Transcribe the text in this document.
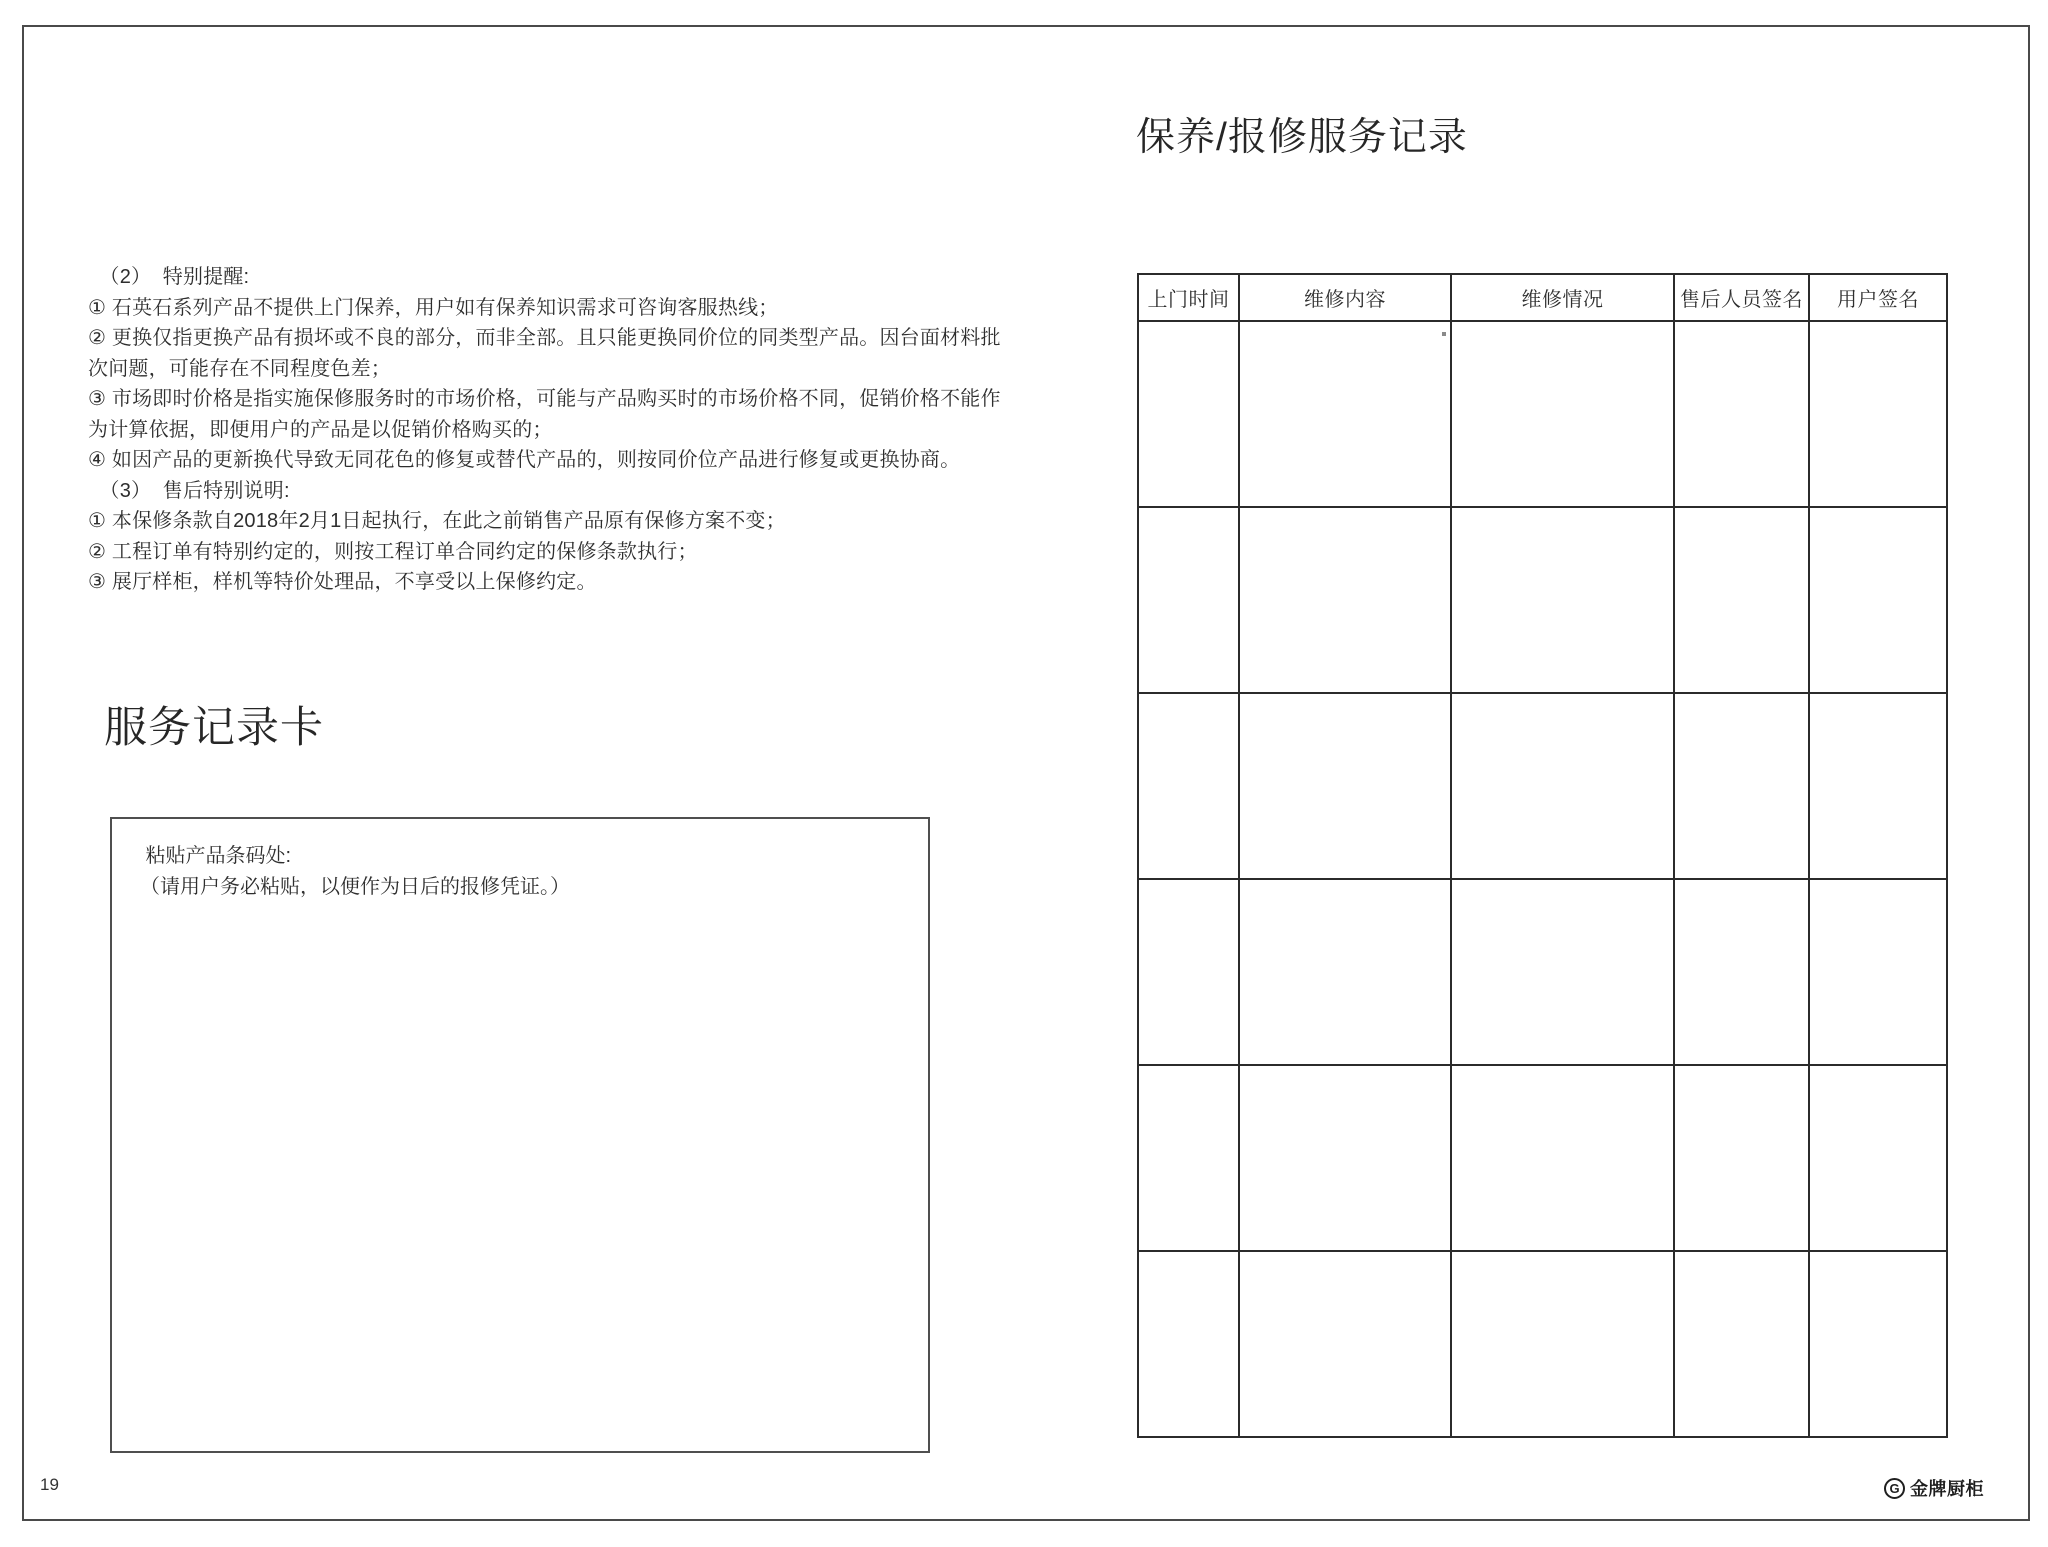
（2）  特别提醒:
① 石英石系列产品不提供上门保养，用户如有保养知识需求可咨询客服热线；
② 更换仅指更换产品有损坏或不良的部分，而非全部。且只能更换同价位的同类型产品。因台面材料批
次问题，可能存在不同程度色差；
③ 市场即时价格是指实施保修服务时的市场价格，可能与产品购买时的市场价格不同，促销价格不能作
为计算依据，即便用户的产品是以促销价格购买的；
④ 如因产品的更新换代导致无同花色的修复或替代产品的，则按同价位产品进行修复或更换协商。
（3）  售后特别说明:
① 本保修条款自2018年2月1日起执行，在此之前销售产品原有保修方案不变；
② 工程订单有特别约定的，则按工程订单合同约定的保修条款执行；
③ 展厅样柜，样机等特价处理品，不享受以上保修约定。
服务记录卡
粘贴产品条码处:
（请用户务必粘贴，以便作为日后的报修凭证。）
保养/报修服务记录
上门时间	维修内容	维修情况	售后人员签名	用户签名

19	G 金牌厨柜
